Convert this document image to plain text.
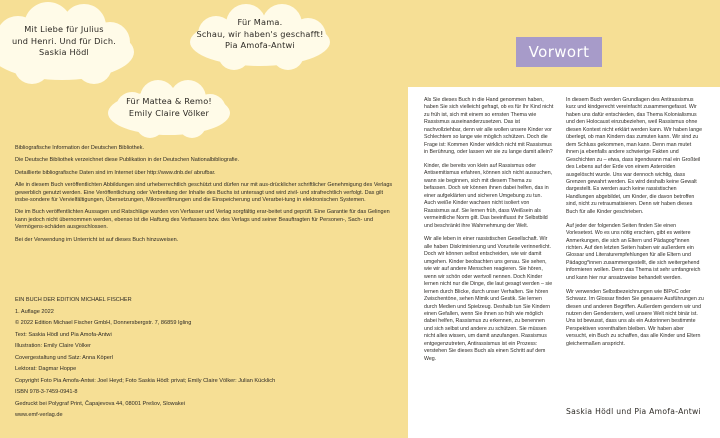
Mit Liebe für Julius
und Henri. Und für Dich.
Saskia Hödl
Für Mama.
Schau, wir haben's geschafft!
Pia Amofa-Antwi
Für Mattea & Remo!
Emily Claire Völker

Bibliografische Information der Deutschen Bibliothek.

Die Deutsche Bibliothek verzeichnet diese Publikation in der Deutschen Nationalbibliografie.

Detaillierte bibliografische Daten sind im Internet über http://www.dnb.de/ abrufbar.

Alle in diesem Buch veröffentlichten Abbildungen sind urheberrechtlich geschützt und dürfen nur mit aus-drücklicher schriftlicher Genehmigung des Verlags gewerblich genutzt werden. Eine Veröffentlichung oder Verbreitung der Inhalte des Buchs ist untersagt und wird zivil- und strafrechtlich verfolgt. Das gilt insbe-sondere für Vervielfältigungen, Übersetzungen, Mikroverfilmungen und die Einspeicherung und Verarbei-tung in elektronischen Systemen.

Die im Buch veröffentlichten Aussagen und Ratschläge wurden von Verfasser und Verlag sorgfältig erar-beitet und geprüft. Eine Garantie für das Gelingen kann jedoch nicht übernommen werden, ebenso ist die Haftung des Verfassers bzw. des Verlags und seiner Beauftragten für Personen-, Sach- und Vermögens-schäden ausgeschlossen.

Bei der Verwendung im Unterricht ist auf dieses Buch hinzuweisen.

EIN BUCH DER EDITION MICHAEL FISCHER
1. Auflage 2022
© 2022 Edition Michael Fischer GmbH, Donnersbergstr. 7, 86859 Igling
Text: Saskia Hödl und Pia Amofa-Antwi
Illustration: Emily Claire Völker
Covergestaltung und Satz: Anna Köperl
Lektorat: Dagmar Hoppe
Copyright Foto Pia Amofa-Antwi: Joel Heyd; Foto Saskia Hödl: privat; Emily Claire Völker: Julian Kücklich
ISBN 978-3-7459-0941-8
Gedruckt bei Polygraf Print, Čapajevova 44, 08001 Prešov, Slowakei
www.emf-verlag.de
Vorwort

Als Sie dieses Buch in die Hand genommen haben, haben Sie sich vielleicht gefragt, ob es für Ihr Kind nicht zu früh ist, sich mit einem so ernsten Thema wie Rassismus auseinanderzusetzen. Das ist nachvollziehbar, denn wir alle wollen unsere Kinder vor Schlechtem so lange wie möglich schützen. Doch die Frage ist: Kommen Kinder wirklich nicht mit Rassismus in Berührung, oder lassen wir sie zu lange damit allein?

Kinder, die bereits von klein auf Rassismus oder Antisemitismus erfahren, können sich nicht aussuchen, wann sie beginnen, sich mit diesem Thema zu befassen. Doch wir können ihnen dabei helfen, das in einer aufgeklärten und sicheren Umgebung zu tun. Auch weiße Kinder wachsen nicht isoliert von Rassismus auf. Sie lernen früh, dass Weißsein als vermeintliche Norm gilt. Das beeinflusst ihr Selbstbild und beschränkt ihre Wahrnehmung der Welt.

Wir alle leben in einer rassistischen Gesellschaft. Wir alle haben Diskriminierung und Vorurteile verinnerlicht. Doch wir können selbst entscheiden, wie wir damit umgehen. Kinder beobachten uns genau. Sie sehen, wie wir auf andere Menschen reagieren. Sie hören, wenn wir schön oder wertvoll nennen. Doch Kinder lernen nicht nur die Dinge, die laut gesagt werden – sie lernen durch Blicke, durch unser Verhalten. Sie hören Zwischentöne, sehen Mimik und Gestik. Sie lernen durch Medien und Spielzeug. Deshalb tun Sie Kindern einen Gefallen, wenn Sie ihnen so früh wie möglich dabei helfen, Rassismus zu erkennen, zu benennen und sich selbst und andere zu schützen. Sie müssen nicht alles wissen, um damit anzufangen. Rassismus entgegenzutreten, Antirassismus ist ein Prozess: verstehen Sie dieses Buch als einen Schritt auf dem Weg.

In diesem Buch werden Grundlagen des Antirassismus kurz und kindgerecht vereinfacht zusammengefasst. Wir haben uns dafür entschieden, das Thema Kolonialismus und den Holocaust einzubeziehen, weil Rassismus ohne diesen Kontext nicht erklärt werden kann. Wir haben lange überlegt, ob man Kindern das zumuten kann. Wir sind zu dem Schluss gekommen, man kann. Denn man mutet ihnen ja ebenfalls andere schwierige Fakten und Geschichten zu – etwa, dass irgendwann mal ein Großteil des Lebens auf der Erde von einem Asteroiden ausgelöscht wurde. Uns war dennoch wichtig, dass Grenzen gewahrt werden. Es wird deshalb keine Gewalt dargestellt. Es werden auch keine rassistischen Handlungen abgebildet, um Kinder, die davon betroffen sind, nicht zu retraumatisieren. Denn wir haben dieses Buch für alle Kinder geschrieben.

Auf jeder der folgenden Seiten finden Sie einen Vorlesetext. Wo es uns nötig erschien, gibt es weitere Anmerkungen, die sich an Eltern und Pädagog*innen richten. Auf den letzten Seiten haben wir außerdem ein Glossar und Literaturempfehlungen für alle Eltern und Pädagog*innen zusammengestellt, die sich weitergehend informieren wollen. Denn das Thema ist sehr umfangreich und kann hier nur ansatzweise behandelt werden.

Wir verwenden Selbstbezeichnungen wie BIPoC oder Schwarz. Im Glossar finden Sie genauere Ausführungen zu diesen und anderen Begriffen. Außerdem gendern wir und nutzen den Genderstern, weil unsere Welt nicht binär ist. Uns ist bewusst, dass uns als ein Autorinnen bestimmte Perspektiven vorenthalten bleiben. Wir haben aber versucht, ein Buch zu schaffen, das alle Kinder und Eltern gleichermaßen anspricht.

Saskia Hödl und Pia Amofa-Antwi
